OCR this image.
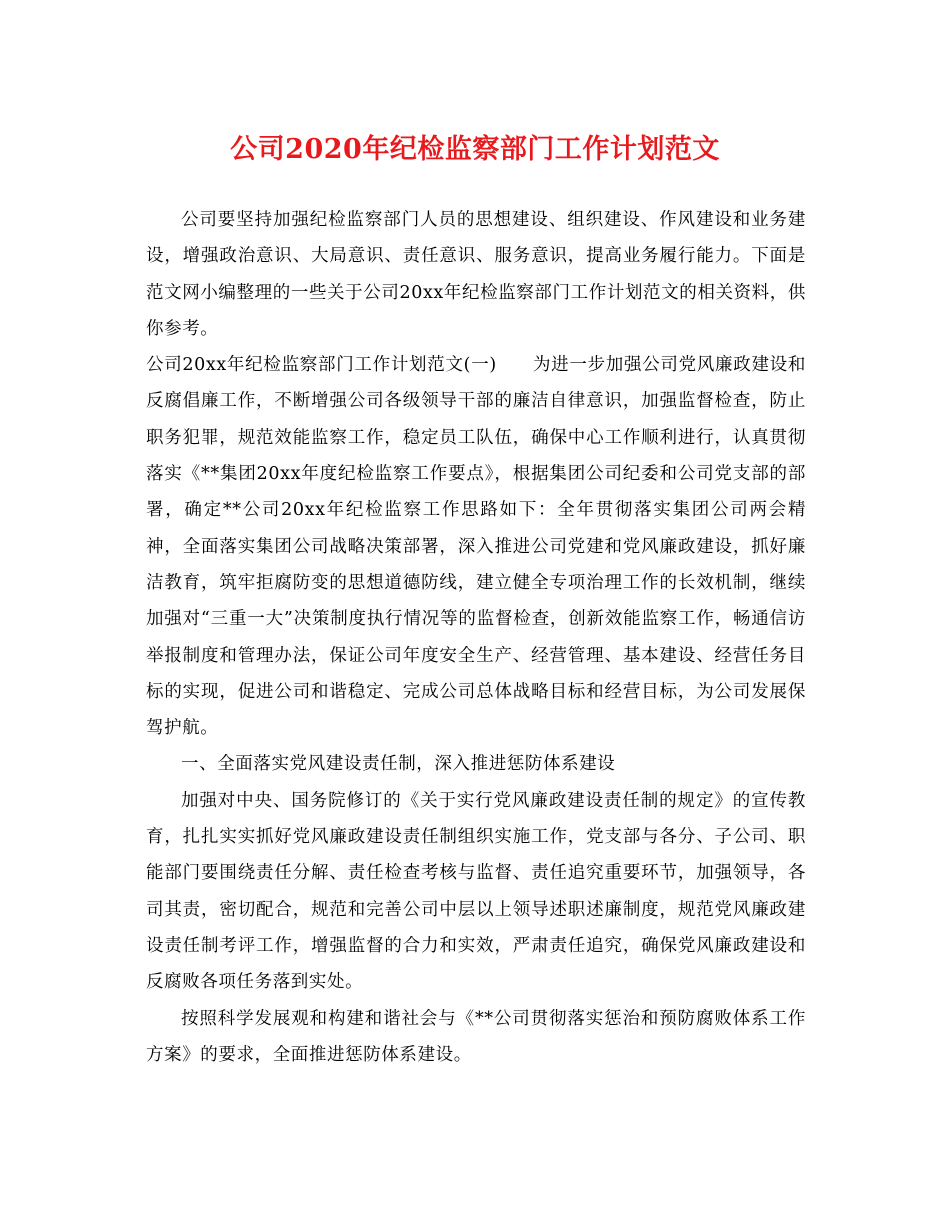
公司2020年纪检监察部门工作计划范文

公司要坚持加强纪检监察部门人员的思想建设、组织建设、作风建设和业务建设，增强政治意识、大局意识、责任意识、服务意识，提高业务履行能力。下面是范文网小编整理的一些关于公司20xx年纪检监察部门工作计划范文的相关资料，供你参考。

公司20xx年纪检监察部门工作计划范文(一) 为进一步加强公司党风廉政建设和反腐倡廉工作，不断增强公司各级领导干部的廉洁自律意识，加强监督检查，防止职务犯罪，规范效能监察工作，稳定员工队伍，确保中心工作顺利进行，认真贯彻落实《**集团20xx年度纪检监察工作要点》，根据集团公司纪委和公司党支部的部署，确定**公司20xx年纪检监察工作思路如下：全年贯彻落实集团公司两会精神，全面落实集团公司战略决策部署，深入推进公司党建和党风廉政建设，抓好廉洁教育，筑牢拒腐防变的思想道德防线，建立健全专项治理工作的长效机制，继续加强对“三重一大”决策制度执行情况等的监督检查，创新效能监察工作，畅通信访举报制度和管理办法，保证公司年度安全生产、经营管理、基本建设、经营任务目标的实现，促进公司和谐稳定、完成公司总体战略目标和经营目标，为公司发展保驾护航。

一、全面落实党风建设责任制，深入推进惩防体系建设

加强对中央、国务院修订的《关于实行党风廉政建设责任制的规定》的宣传教育，扎扎实实抓好党风廉政建设责任制组织实施工作，党支部与各分、子公司、职能部门要围绕责任分解、责任检查考核与监督、责任追究重要环节，加强领导，各司其责，密切配合，规范和完善公司中层以上领导述职述廉制度，规范党风廉政建设责任制考评工作，增强监督的合力和实效，严肃责任追究，确保党风廉政建设和反腐败各项任务落到实处。

按照科学发展观和构建和谐社会与《**公司贯彻落实惩治和预防腐败体系工作方案》的要求，全面推进惩防体系建设。
